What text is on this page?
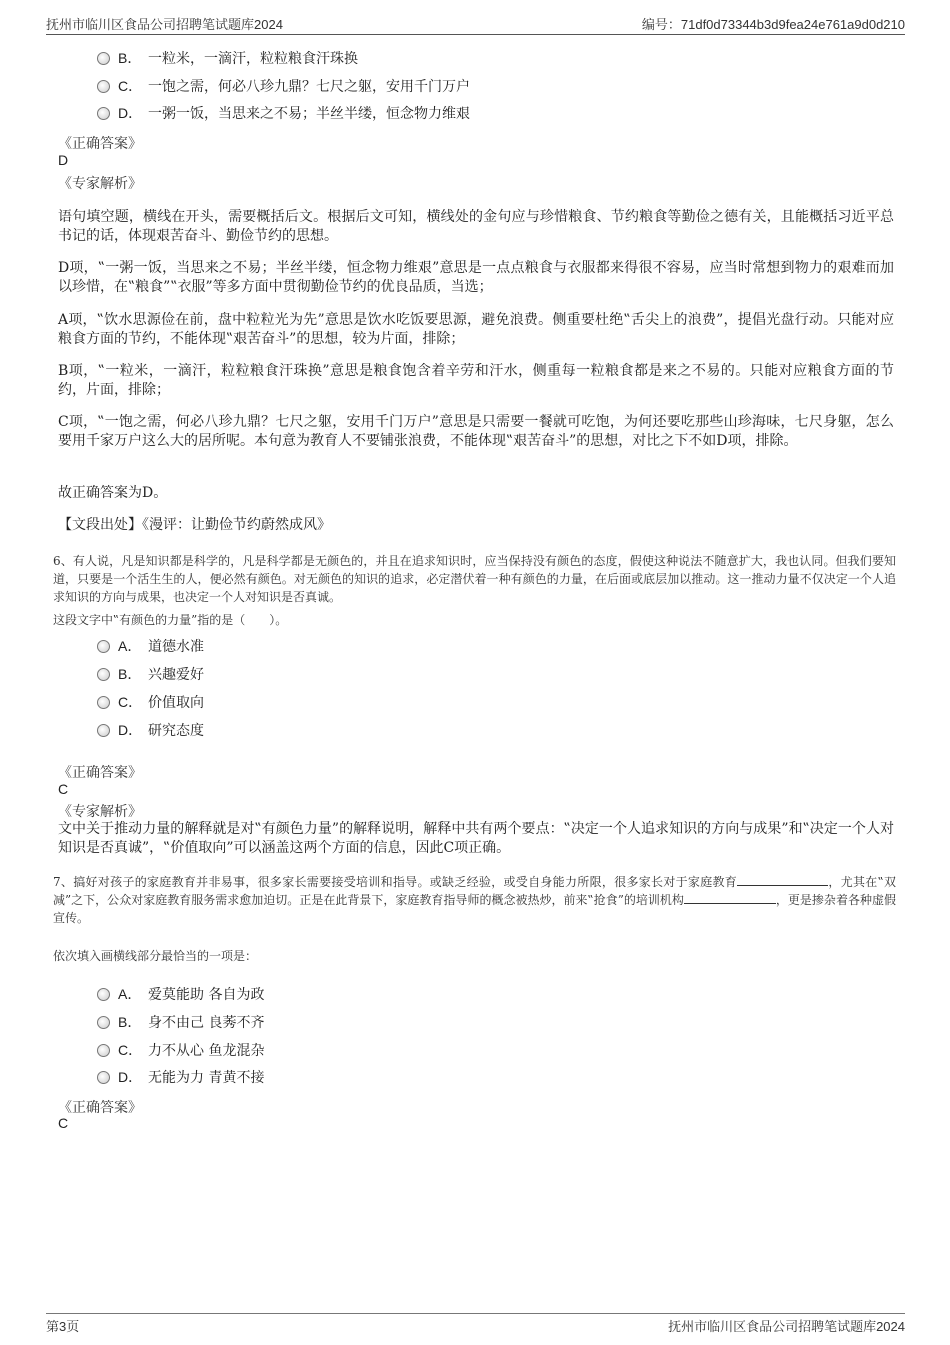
抚州市临川区食品公司招聘笔试题库2024	编号：71df0d73344b3d9fea24e761a9d0d210
B． 一粒米，一滴汗，粒粒粮食汗珠换
C． 一饱之需，何必八珍九鼎？七尺之躯，安用千门万户
D． 一粥一饭，当思来之不易；半丝半缕，恒念物力维艰
《正确答案》
D
《专家解析》
语句填空题，横线在开头，需要概括后文。根据后文可知，横线处的金句应与珍惜粮食、节约粮食等勤俭之德有关，且能概括习近平总书记的话，体现艰苦奋斗、勤俭节约的思想。
D项，‟一粥一饭，当思来之不易；半丝半缕，恒念物力维艰”意思是一点点粮食与衣服都来得很不容易，应当时常想到物力的艰难而加以珍惜，在‟粮食”‟衣服”等多方面中贯彻勤俭节约的优良品质，当选；
A项，‟饮水思源俭在前，盘中粒粒光为先”意思是饮水吃饭要思源，避免浪费。侧重要杜绝‟舌尖上的浪费”，提倡光盘行动。只能对应粮食方面的节约，不能体现‟艰苦奋斗”的思想，较为片面，排除；
B项，‟一粒米，一滴汗，粒粒粮食汗珠换”意思是粮食饱含着辛劳和汗水，侧重每一粒粮食都是来之不易的。只能对应粮食方面的节约，片面，排除；
C项，‟一饱之需，何必八珍九鼎？七尺之躯，安用千门万户”意思是只需要一餐就可吃饱，为何还要吃那些山珍海味，七尺身躯，怎么要用千家万户这么大的居所呢。本句意为教育人不要铺张浪费，不能体现‟艰苦奋斗”的思想，对比之下不如D项，排除。
故正确答案为D。
【文段出处】《漫评：让勤俭节约蔚然成风》
6、有人说，凡是知识都是科学的，凡是科学都是无颜色的，并且在追求知识时，应当保持没有颜色的态度，假使这种说法不随意扩大，我也认同。但我们要知道，只要是一个活生生的人，便必然有颜色。对无颜色的知识的追求，必定潜伏着一种有颜色的力量，在后面或底层加以推动。这一推动力量不仅决定一个人追求知识的方向与成果，也决定一个人对知识是否真诚。
这段文字中‟有颜色的力量”指的是（　　）。
A． 道德水准
B． 兴趣爱好
C． 价值取向
D． 研究态度
《正确答案》
C
《专家解析》
文中关于推动力量的解释就是对‟有颜色力量”的解释说明，解释中共有两个要点：‟决定一个人追求知识的方向与成果”和‟决定一个人对知识是否真诚”，‟价值取向”可以涵盖这两个方面的信息，因此C项正确。
7、搞好对孩子的家庭教育并非易事，很多家长需要接受培训和指导。或缺乏经验，或受自身能力所限，很多家长对于家庭教育	，尤其在‟双减”之下，公众对家庭教育服务需求愈加迫切。正是在此背景下，家庭教育指导师的概念被热炒，前来‟抢食”的培训机构	，更是掺杂着各种虚假宣传。
依次填入画横线部分最恰当的一项是：
A． 爱莫能助 各自为政
B． 身不由己 良莠不齐
C． 力不从心 鱼龙混杂
D． 无能为力 青黄不接
《正确答案》
C
第3页	抚州市临川区食品公司招聘笔试题库2024
